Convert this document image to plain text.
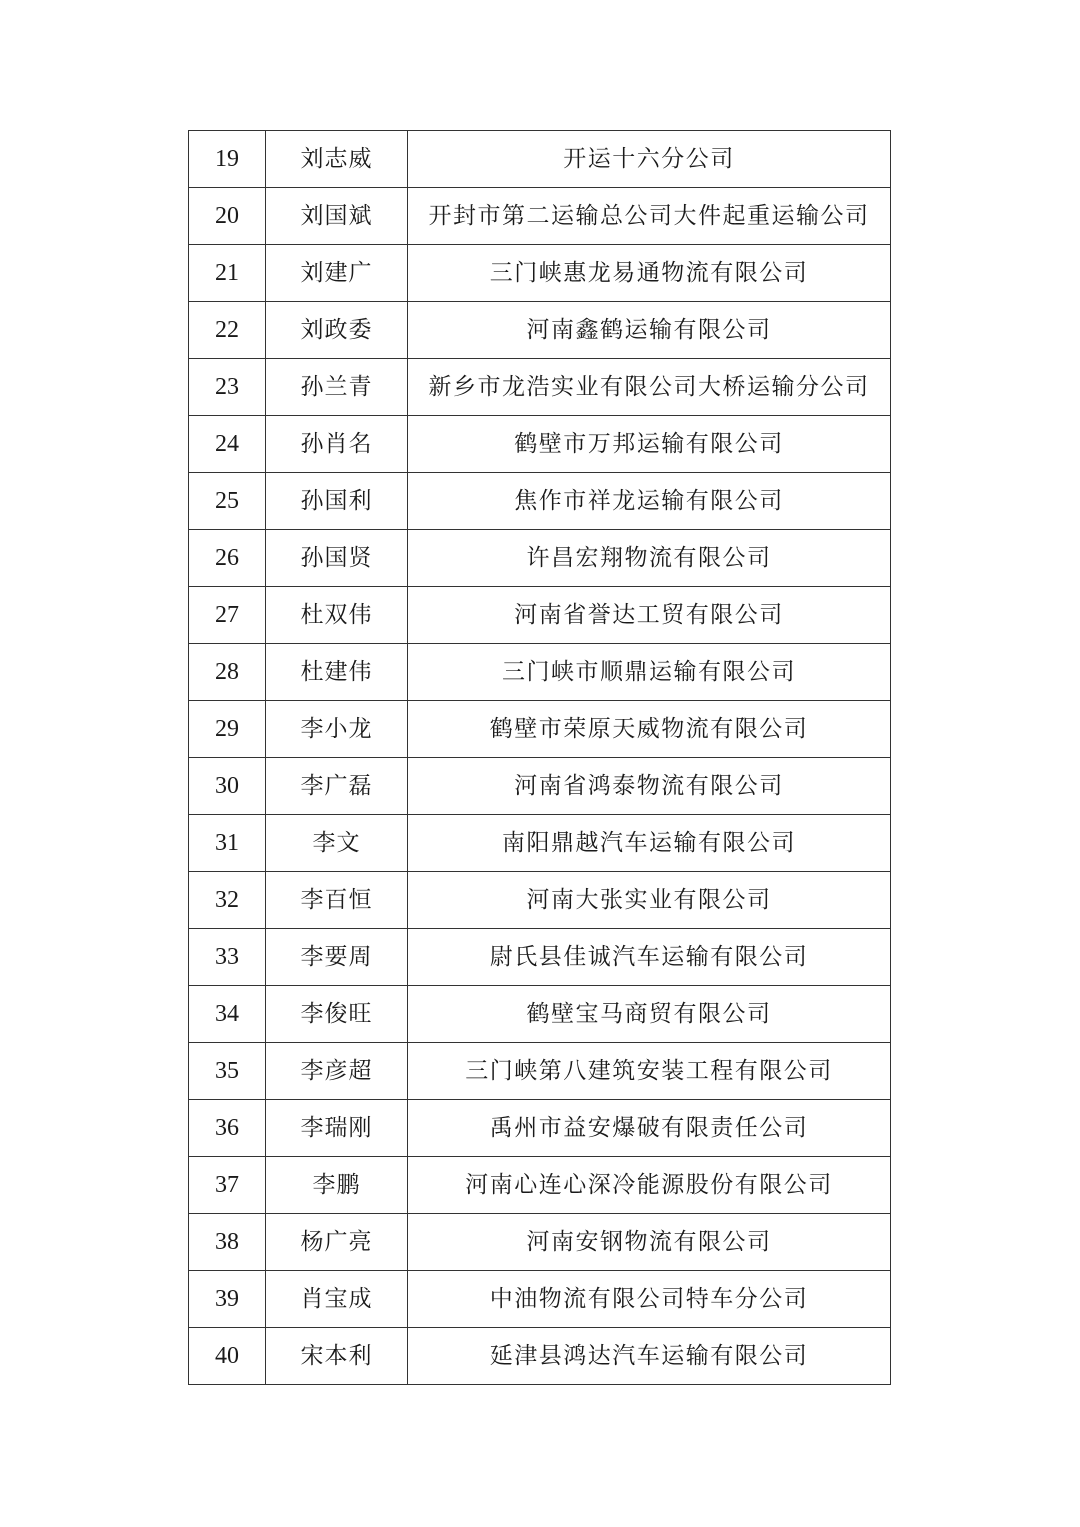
19	刘志威	开运十六分公司
20	刘国斌	开封市第二运输总公司大件起重运输公司
21	刘建广	三门峡惠龙易通物流有限公司
22	刘政委	河南鑫鹤运输有限公司
23	孙兰青	新乡市龙浩实业有限公司大桥运输分公司
24	孙肖名	鹤壁市万邦运输有限公司
25	孙国利	焦作市祥龙运输有限公司
26	孙国贤	许昌宏翔物流有限公司
27	杜双伟	河南省誉达工贸有限公司
28	杜建伟	三门峡市顺鼎运输有限公司
29	李小龙	鹤壁市荣原天威物流有限公司
30	李广磊	河南省鸿泰物流有限公司
31	李文	南阳鼎越汽车运输有限公司
32	李百恒	河南大张实业有限公司
33	李要周	尉氏县佳诚汽车运输有限公司
34	李俊旺	鹤壁宝马商贸有限公司
35	李彦超	三门峡第八建筑安装工程有限公司
36	李瑞刚	禹州市益安爆破有限责任公司
37	李鹏	河南心连心深冷能源股份有限公司
38	杨广亮	河南安钢物流有限公司
39	肖宝成	中油物流有限公司特车分公司
40	宋本利	延津县鸿达汽车运输有限公司
